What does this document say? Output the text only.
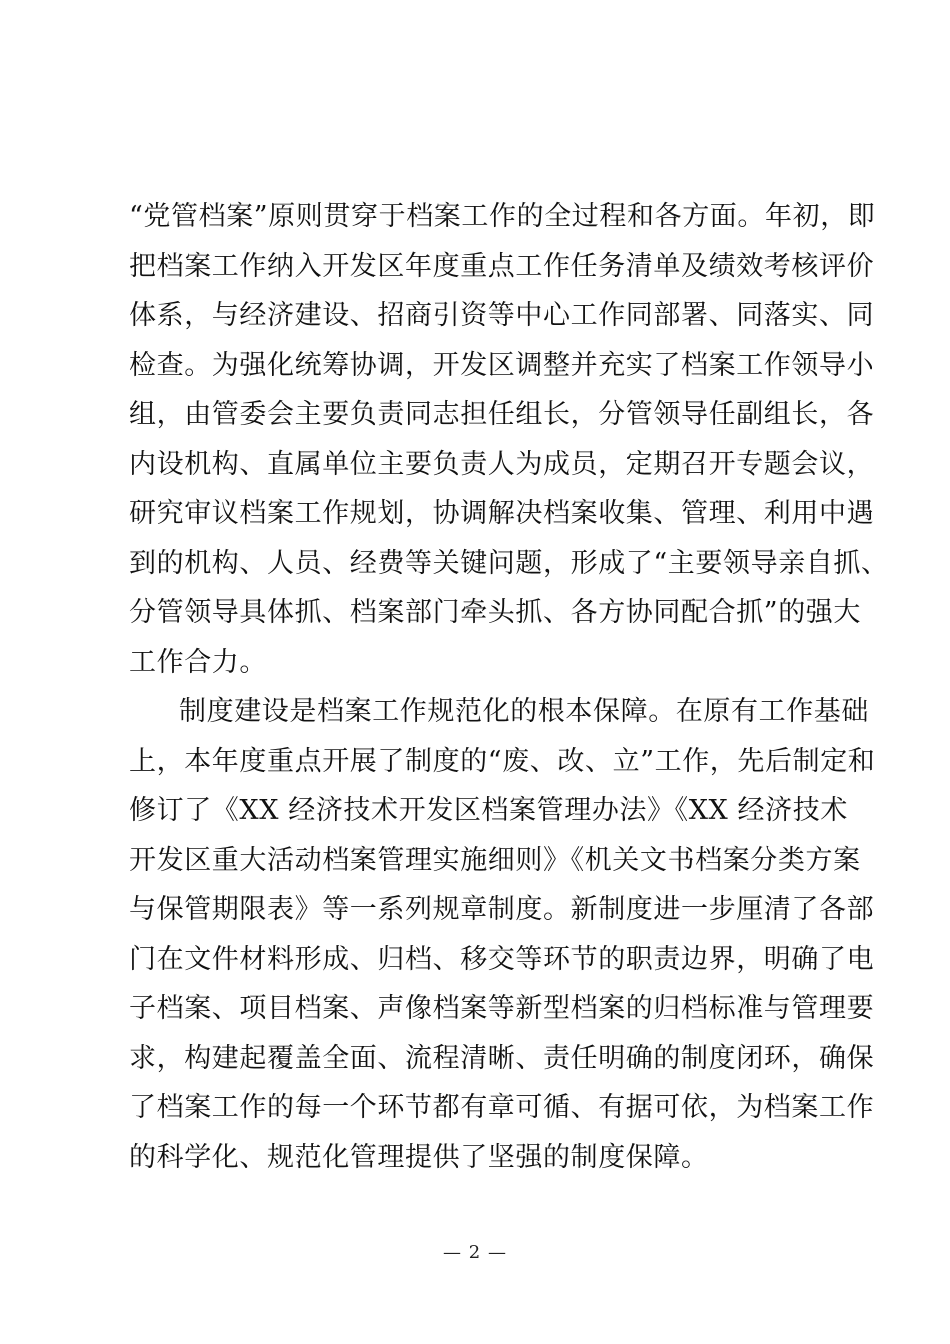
“党管档案”原则贯穿于档案工作的全过程和各方面。年初，即
把档案工作纳入开发区年度重点工作任务清单及绩效考核评价
体系，与经济建设、招商引资等中心工作同部署、同落实、同
检查。为强化统筹协调，开发区调整并充实了档案工作领导小
组，由管委会主要负责同志担任组长，分管领导任副组长，各
内设机构、直属单位主要负责人为成员，定期召开专题会议，
研究审议档案工作规划，协调解决档案收集、管理、利用中遇
到的机构、人员、经费等关键问题，形成了“主要领导亲自抓、
分管领导具体抓、档案部门牵头抓、各方协同配合抓”的强大
工作合力。
制度建设是档案工作规范化的根本保障。在原有工作基础
上，本年度重点开展了制度的“废、改、立”工作，先后制定和
修订了《XX 经济技术开发区档案管理办法》《XX 经济技术
开发区重大活动档案管理实施细则》《机关文书档案分类方案
与保管期限表》等一系列规章制度。新制度进一步厘清了各部
门在文件材料形成、归档、移交等环节的职责边界，明确了电
子档案、项目档案、声像档案等新型档案的归档标准与管理要
求，构建起覆盖全面、流程清晰、责任明确的制度闭环，确保
了档案工作的每一个环节都有章可循、有据可依，为档案工作
的科学化、规范化管理提供了坚强的制度保障。
— 2 —
